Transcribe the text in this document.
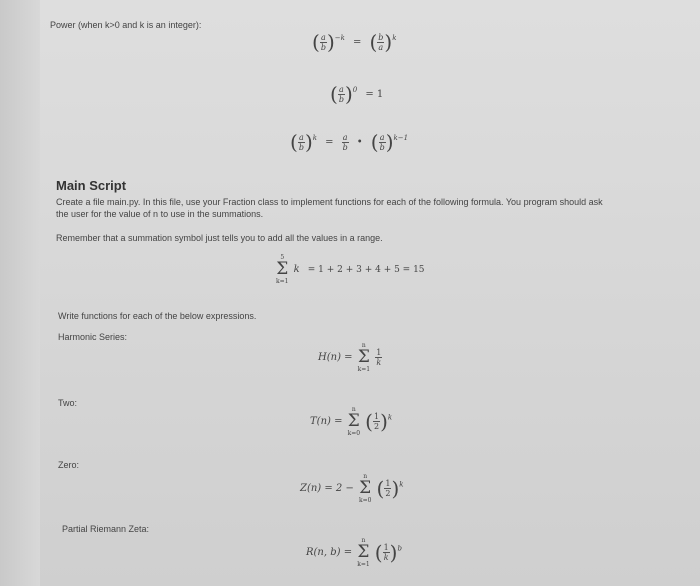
Power (when k>0 and k is an integer):
( $\frac{a}{b} )^{-k}$ = ( $\frac{b}{a} )^k$
( $\frac{a}{b} )^0 = 1$
( $\frac{a}{b} )^k = \frac{a}{b}$ • ( $\frac{a}{b} )^{k-1}$
Main Script
Create a file main.py. In this file, use your Fraction class to implement functions for each of the following formula. You program should ask
the user for the value of n to use in the summations.
Remember that a summation symbol just tells you to add all the values in a range.
5
Σ
k=1 k = 1 + 2 + 3 + 4 + 5 = 15
Write functions for each of the below expressions.
Harmonic Series:
H(n) = n
Σ
k=1
$\frac{1}{k}$
Two:
T(n) = n
Σ
k=0 ( $\frac{1}{2} )^k$
Zero:
Z(n) = 2 − n
Σ
k=0 ( $\frac{1}{2} )^k$
Partial Riemann Zeta:
R(n, b) = n
Σ
k=1 ( $\frac{1}{k} )^b$
